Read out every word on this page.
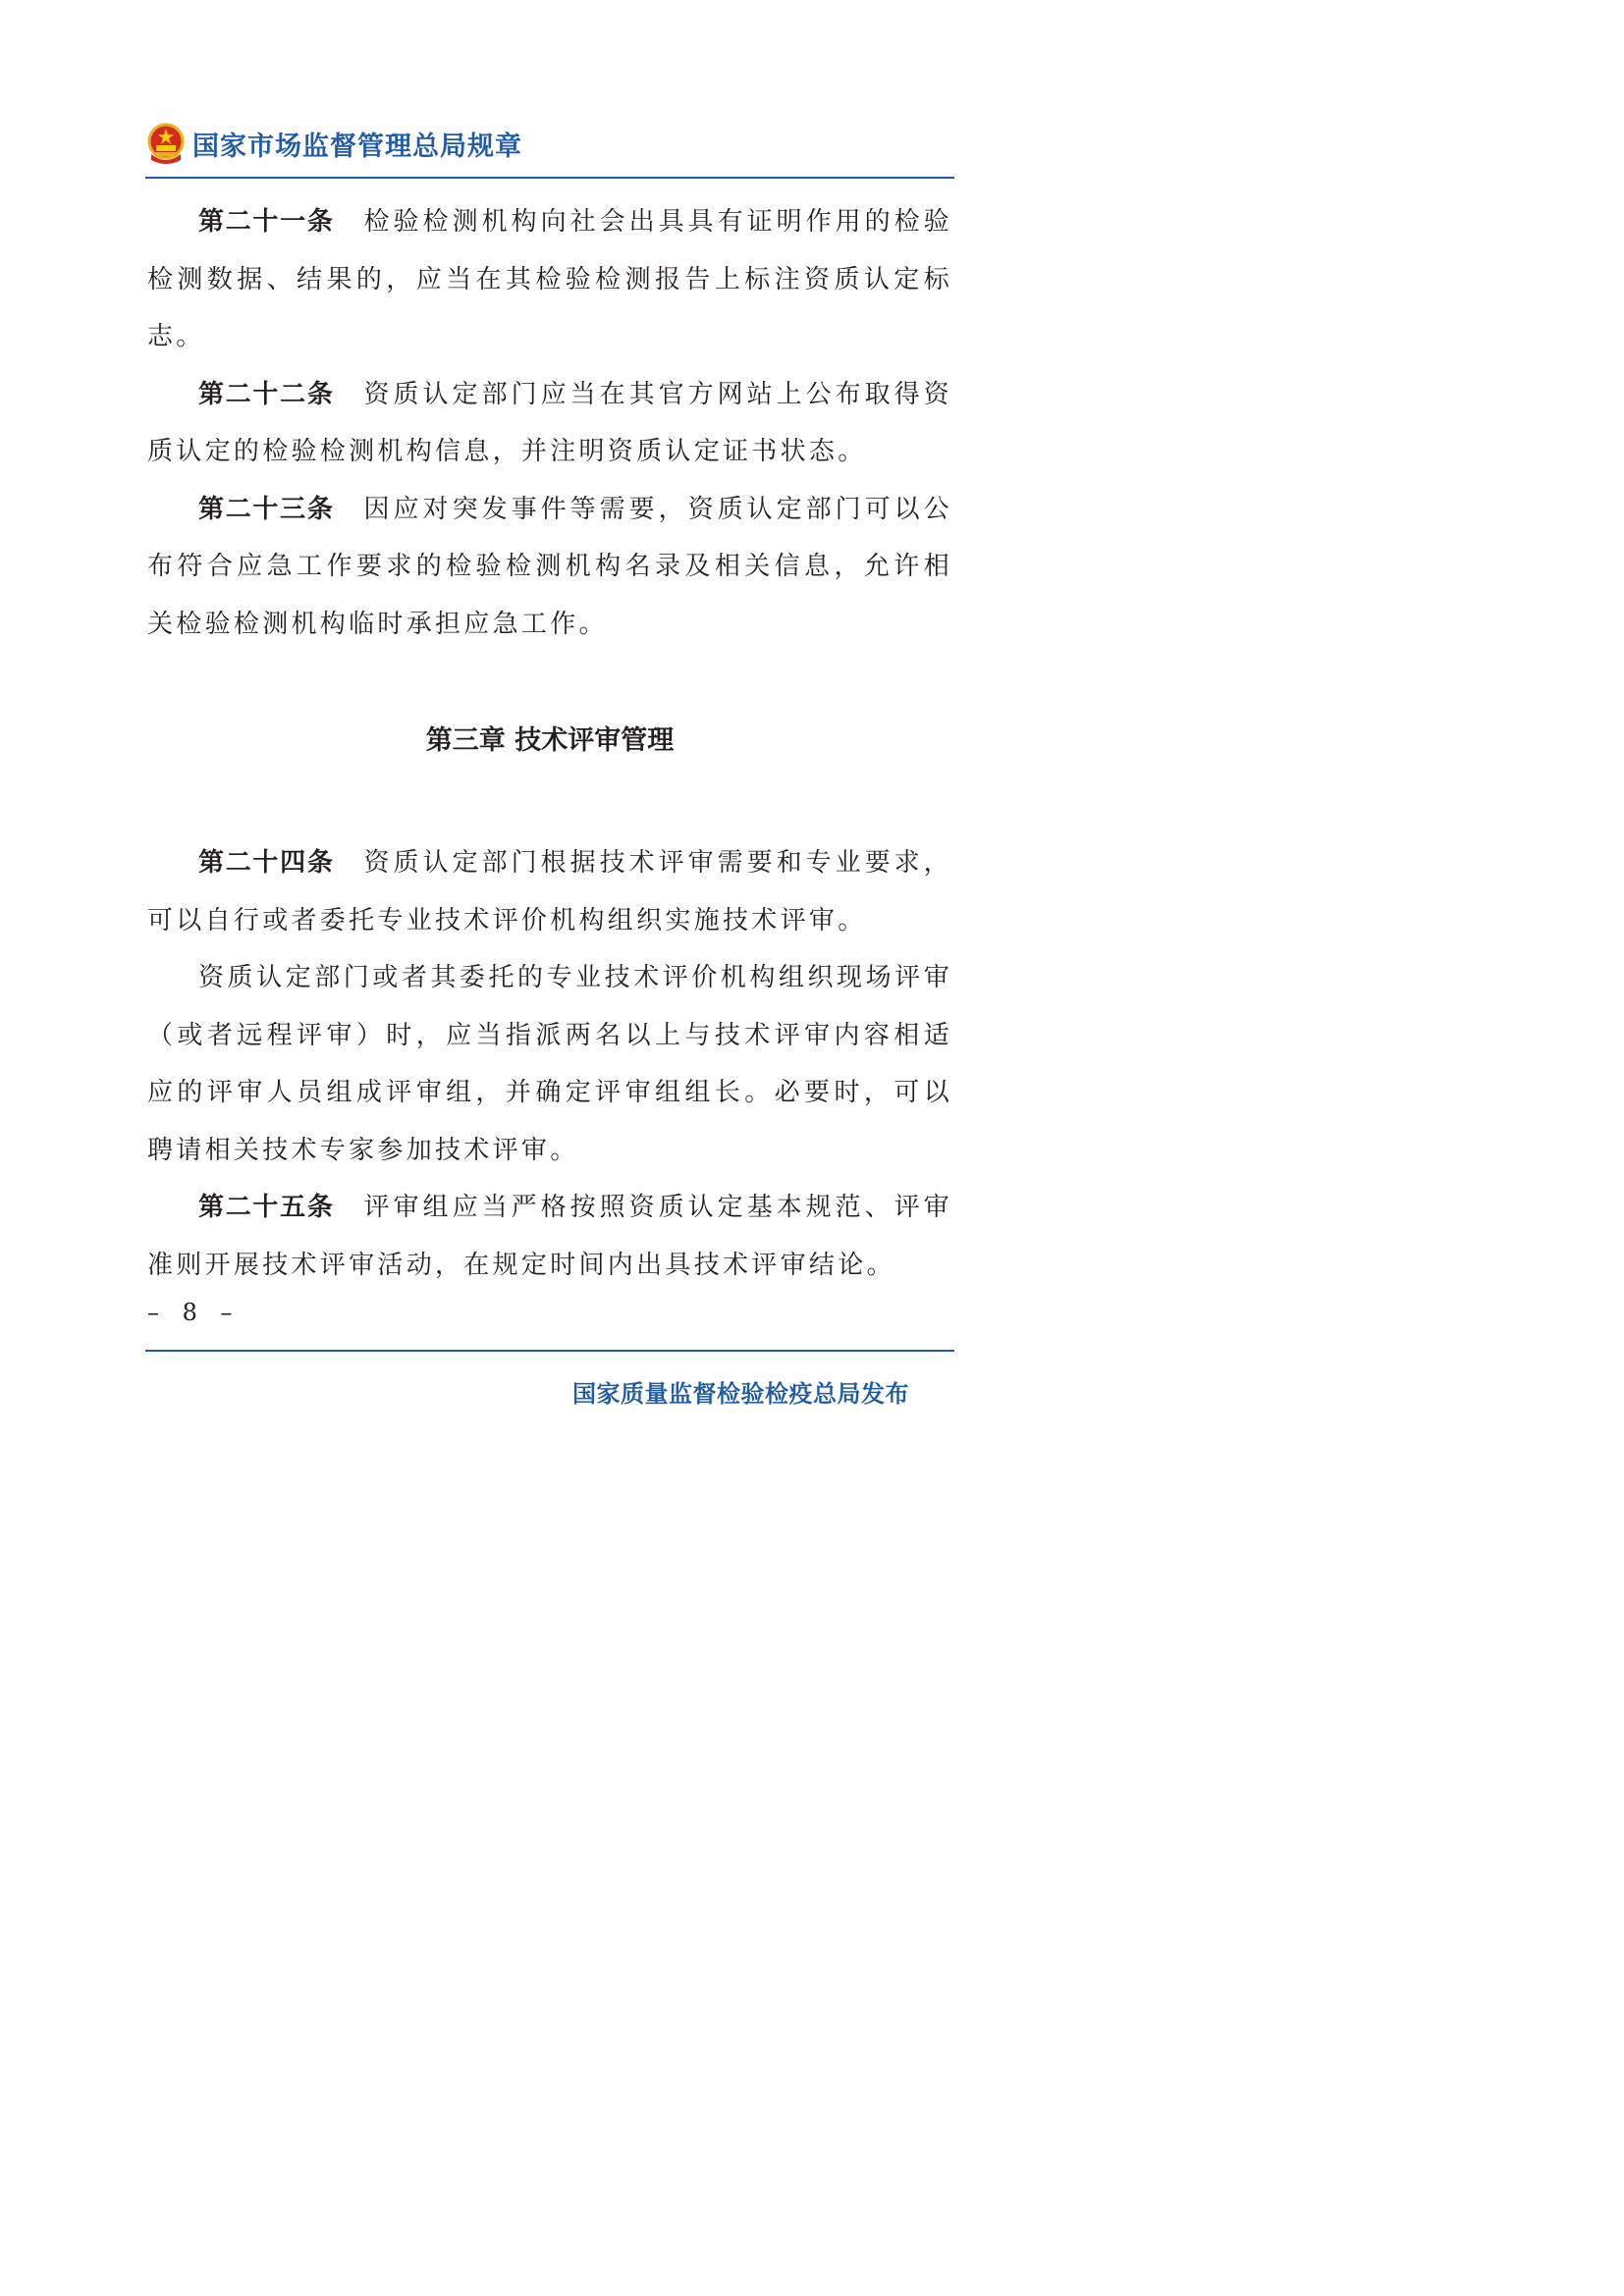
国家市场监督管理总局规章

第二十一条 检验检测机构向社会出具具有证明作用的检验检测数据、结果的，应当在其检验检测报告上标注资质认定标志。

第二十二条 资质认定部门应当在其官方网站上公布取得资质认定的检验检测机构信息，并注明资质认定证书状态。

第二十三条 因应对突发事件等需要，资质认定部门可以公布符合应急工作要求的检验检测机构名录及相关信息，允许相关检验检测机构临时承担应急工作。

第三章 技术评审管理

第二十四条 资质认定部门根据技术评审需要和专业要求，可以自行或者委托专业技术评价机构组织实施技术评审。

资质认定部门或者其委托的专业技术评价机构组织现场评审（或者远程评审）时，应当指派两名以上与技术评审内容相适应的评审人员组成评审组，并确定评审组组长。必要时，可以聘请相关技术专家参加技术评审。

第二十五条 评审组应当严格按照资质认定基本规范、评审准则开展技术评审活动，在规定时间内出具技术评审结论。

– 8 –
国家质量监督检验检疫总局发布
